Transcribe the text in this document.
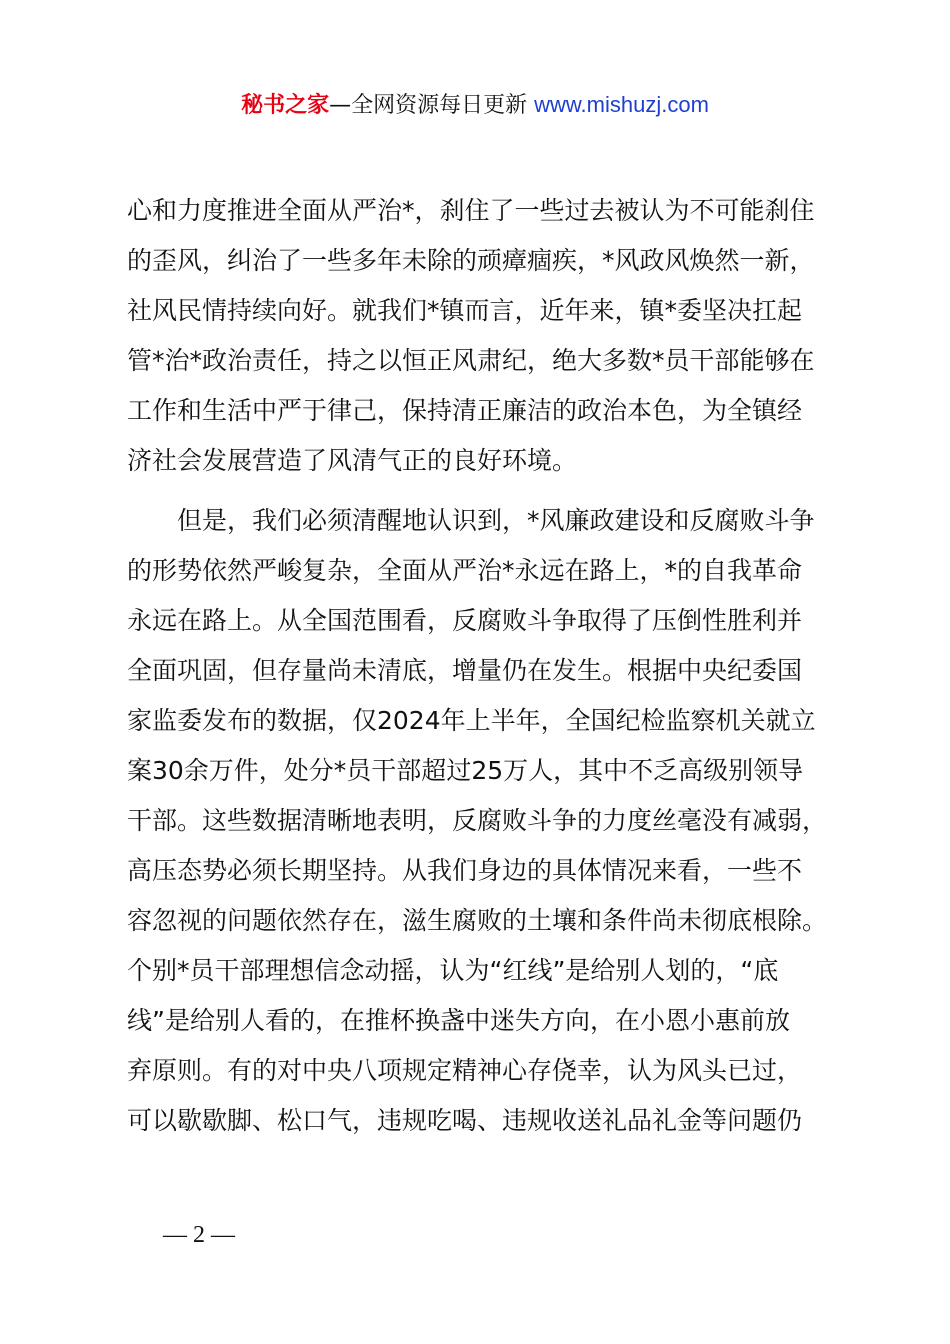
秘书之家—全网资源每日更新 www.mishuzj.com
心和力度推进全面从严治*，刹住了一些过去被认为不可能刹住
的歪风，纠治了一些多年未除的顽瘴痼疾，*风政风焕然一新，
社风民情持续向好。就我们*镇而言，近年来，镇*委坚决扛起
管*治*政治责任，持之以恒正风肃纪，绝大多数*员干部能够在
工作和生活中严于律己，保持清正廉洁的政治本色，为全镇经
济社会发展营造了风清气正的良好环境。
但是，我们必须清醒地认识到，*风廉政建设和反腐败斗争
的形势依然严峻复杂，全面从严治*永远在路上，*的自我革命
永远在路上。从全国范围看，反腐败斗争取得了压倒性胜利并
全面巩固，但存量尚未清底，增量仍在发生。根据中央纪委国
家监委发布的数据，仅2024年上半年，全国纪检监察机关就立
案30余万件，处分*员干部超过25万人，其中不乏高级别领导
干部。这些数据清晰地表明，反腐败斗争的力度丝毫没有减弱，
高压态势必须长期坚持。从我们身边的具体情况来看，一些不
容忽视的问题依然存在，滋生腐败的土壤和条件尚未彻底根除。
个别*员干部理想信念动摇，认为“红线”是给别人划的，“底
线”是给别人看的，在推杯换盏中迷失方向，在小恩小惠前放
弃原则。有的对中央八项规定精神心存侥幸，认为风头已过，
可以歇歇脚、松口气，违规吃喝、违规收送礼品礼金等问题仍
— 2 —
